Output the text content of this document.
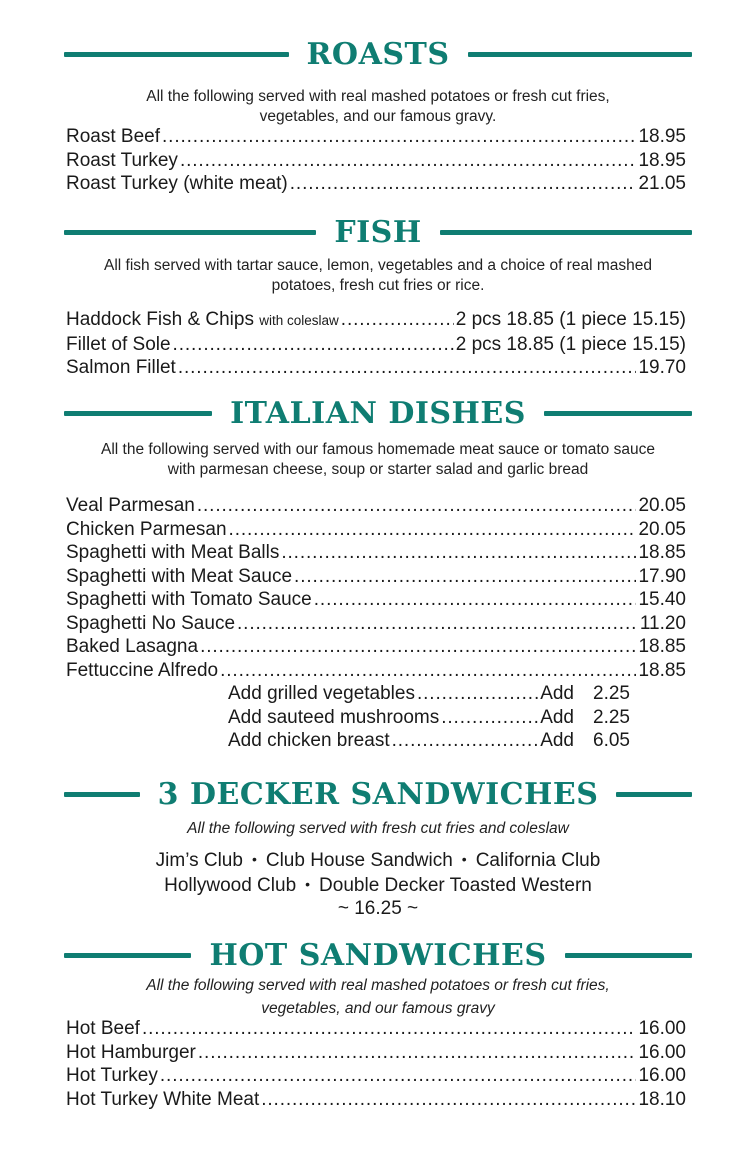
ROASTS
All the following served with real mashed potatoes or fresh cut fries,
vegetables, and our famous gravy.
Roast Beef . . .	18.95
Roast Turkey . . .	18.95
Roast Turkey (white meat) . . .	21.05
FISH
All fish served with tartar sauce, lemon, vegetables and a choice of real mashed
potatoes, fresh cut fries or rice.
Haddock Fish & Chips with coleslaw . . .	2 pcs 18.85 (1 piece 15.15)
Fillet of Sole . . .	2 pcs 18.85 (1 piece 15.15)
Salmon Fillet . . .	19.70
ITALIAN DISHES
All the following served with our famous homemade meat sauce or tomato sauce
with parmesan cheese, soup or starter salad and garlic bread
Veal Parmesan . . .	20.05
Chicken Parmesan . . .	20.05
Spaghetti with Meat Balls . . .	18.85
Spaghetti with Meat Sauce . . .	17.90
Spaghetti with Tomato Sauce . . .	15.40
Spaghetti No Sauce . . .	11.20
Baked Lasagna . . .	18.85
Fettuccine Alfredo . . .	18.85
Add grilled vegetables . . .	Add 2.25
Add sauteed mushrooms . . .	Add 2.25
Add chicken breast . . .	Add 6.05
3 DECKER SANDWICHES
All the following served with fresh cut fries and coleslaw
Jim’s Club • Club House Sandwich • California Club
Hollywood Club • Double Decker Toasted Western
~ 16.25 ~
HOT SANDWICHES
All the following served with real mashed potatoes or fresh cut fries,
vegetables, and our famous gravy
Hot Beef . . .	16.00
Hot Hamburger . . .	16.00
Hot Turkey . . .	16.00
Hot Turkey White Meat . . .	18.10
